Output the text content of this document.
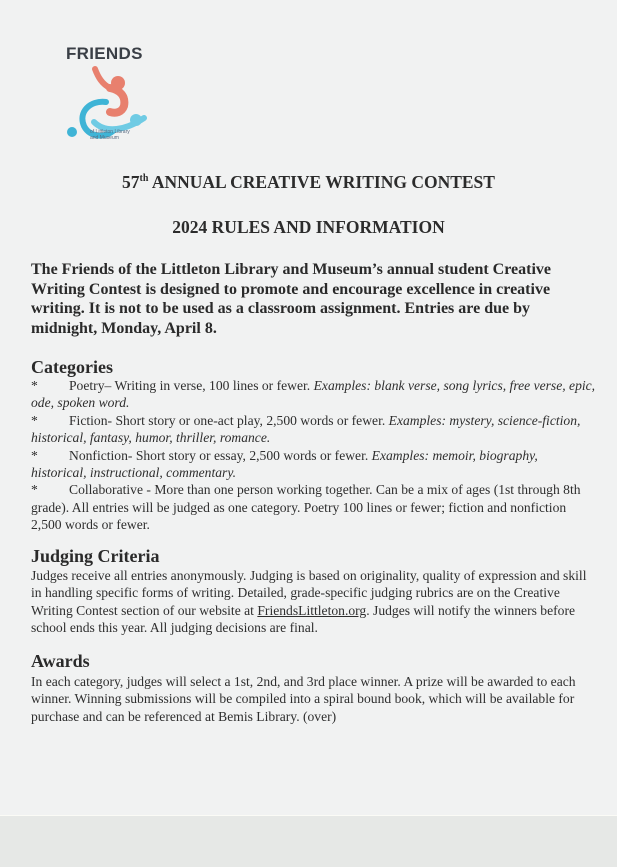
FRIENDS
of Littleton Library
and Museum
57th ANNUAL CREATIVE WRITING CONTEST
2024 RULES AND INFORMATION
The Friends of the Littleton Library and Museum’s annual student Creative Writing Contest is designed to promote and encourage excellence in creative writing. It is not to be used as a classroom assignment. Entries are due by midnight, Monday, April 8.
Categories
* Poetry– Writing in verse, 100 lines or fewer. Examples: blank verse, song lyrics, free verse, epic, ode, spoken word.
* Fiction- Short story or one-act play, 2,500 words or fewer. Examples: mystery, science-fiction, historical, fantasy, humor, thriller, romance.
* Nonfiction- Short story or essay, 2,500 words or fewer. Examples: memoir, biography, historical, instructional, commentary.
* Collaborative - More than one person working together. Can be a mix of ages (1st through 8th grade). All entries will be judged as one category. Poetry 100 lines or fewer; fiction and nonfiction 2,500 words or fewer.
Judging Criteria
Judges receive all entries anonymously. Judging is based on originality, quality of expression and skill in handling specific forms of writing. Detailed, grade-specific judging rubrics are on the Creative Writing Contest section of our website at FriendsLittleton.org. Judges will notify the winners before school ends this year. All judging decisions are final.
Awards
In each category, judges will select a 1st, 2nd, and 3rd place winner. A prize will be awarded to each winner. Winning submissions will be compiled into a spiral bound book, which will be available for purchase and can be referenced at Bemis Library. (over)
